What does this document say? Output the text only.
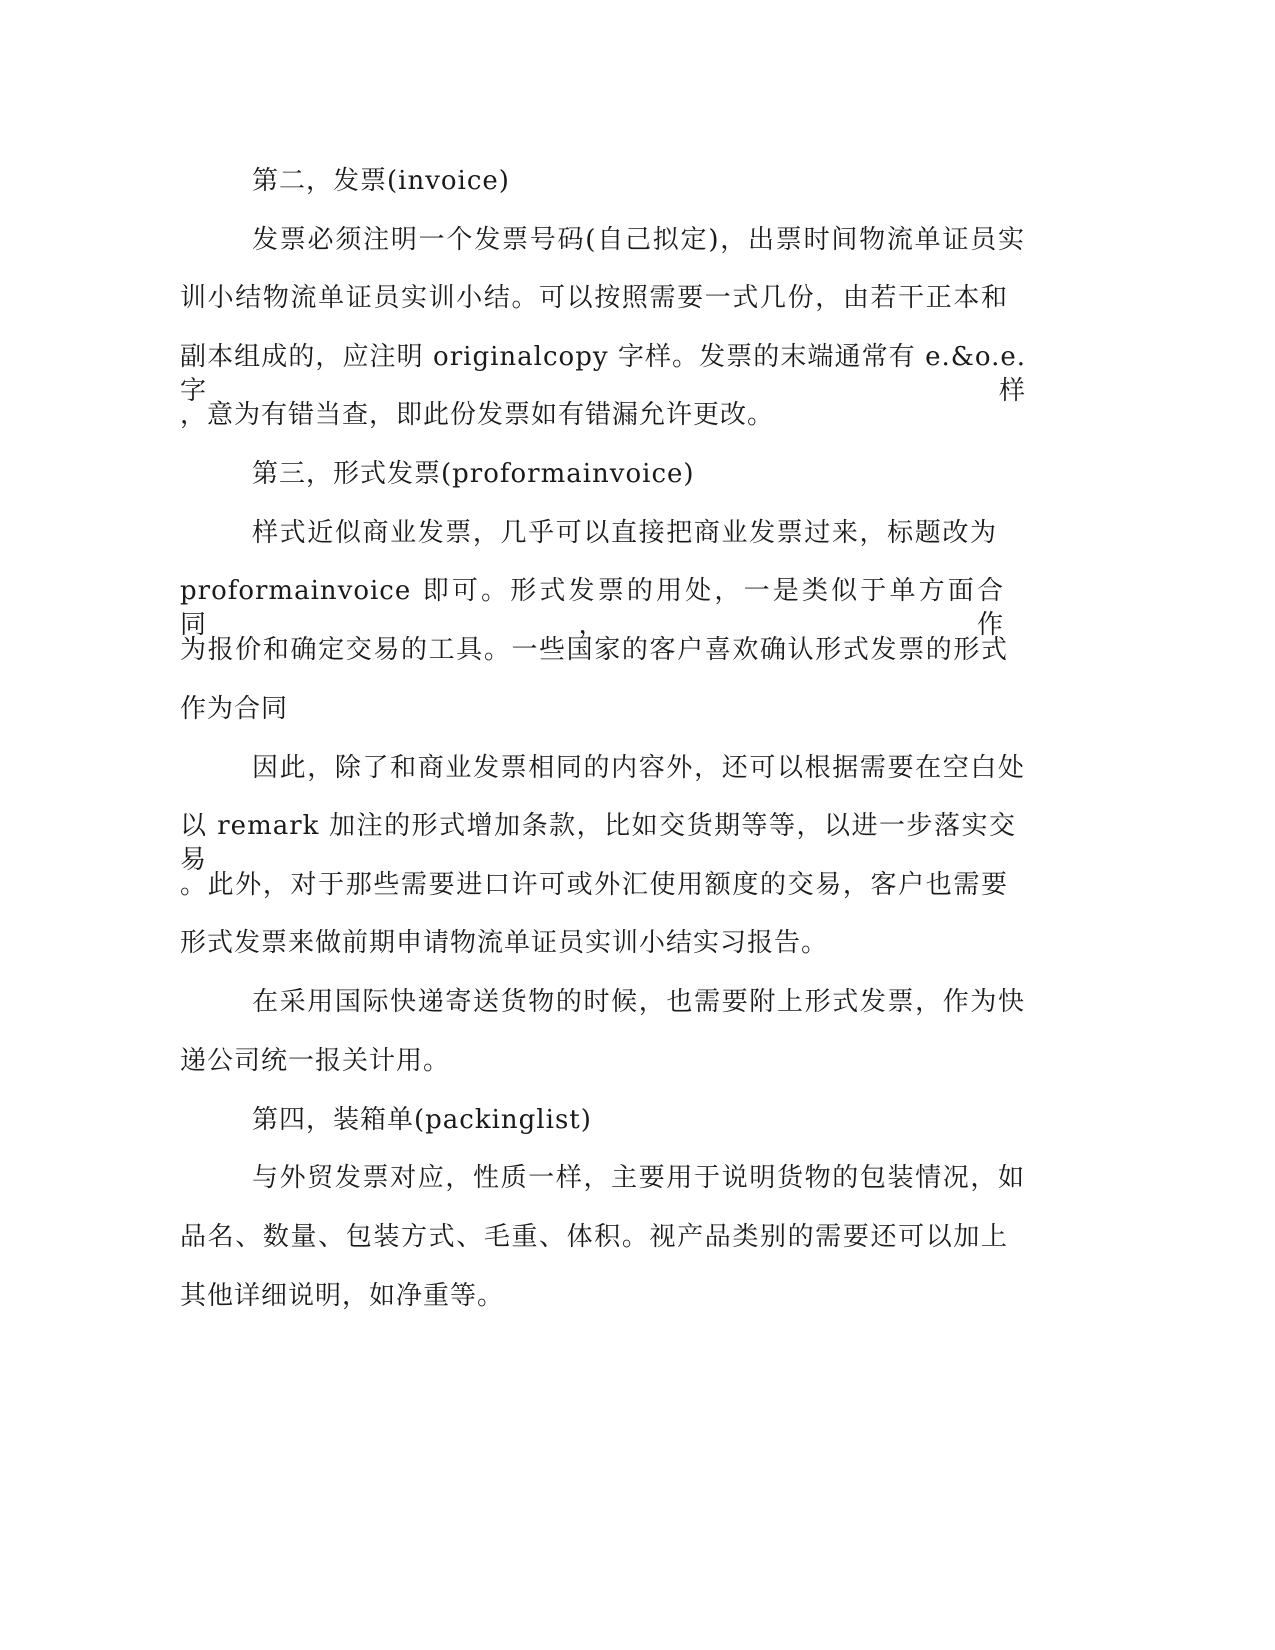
第二，发票(invoice)
发票必须注明一个发票号码(自己拟定)，出票时间物流单证员实
训小结物流单证员实训小结。可以按照需要一式几份，由若干正本和
副本组成的，应注明 originalcopy 字样。发票的末端通常有 e.&o.e.字样
，意为有错当查，即此份发票如有错漏允许更改。
第三，形式发票(proformainvoice)
样式近似商业发票，几乎可以直接把商业发票过来，标题改为
proformainvoice 即可。形式发票的用处，一是类似于单方面合同，作
为报价和确定交易的工具。一些国家的客户喜欢确认形式发票的形式
作为合同
因此，除了和商业发票相同的内容外，还可以根据需要在空白处
以 remark 加注的形式增加条款，比如交货期等等，以进一步落实交易
。此外，对于那些需要进口许可或外汇使用额度的交易，客户也需要
形式发票来做前期申请物流单证员实训小结实习报告。
在采用国际快递寄送货物的时候，也需要附上形式发票，作为快
递公司统一报关计用。
第四，装箱单(packinglist)
与外贸发票对应，性质一样，主要用于说明货物的包装情况，如
品名、数量、包装方式、毛重、体积。视产品类别的需要还可以加上
其他详细说明，如净重等。
